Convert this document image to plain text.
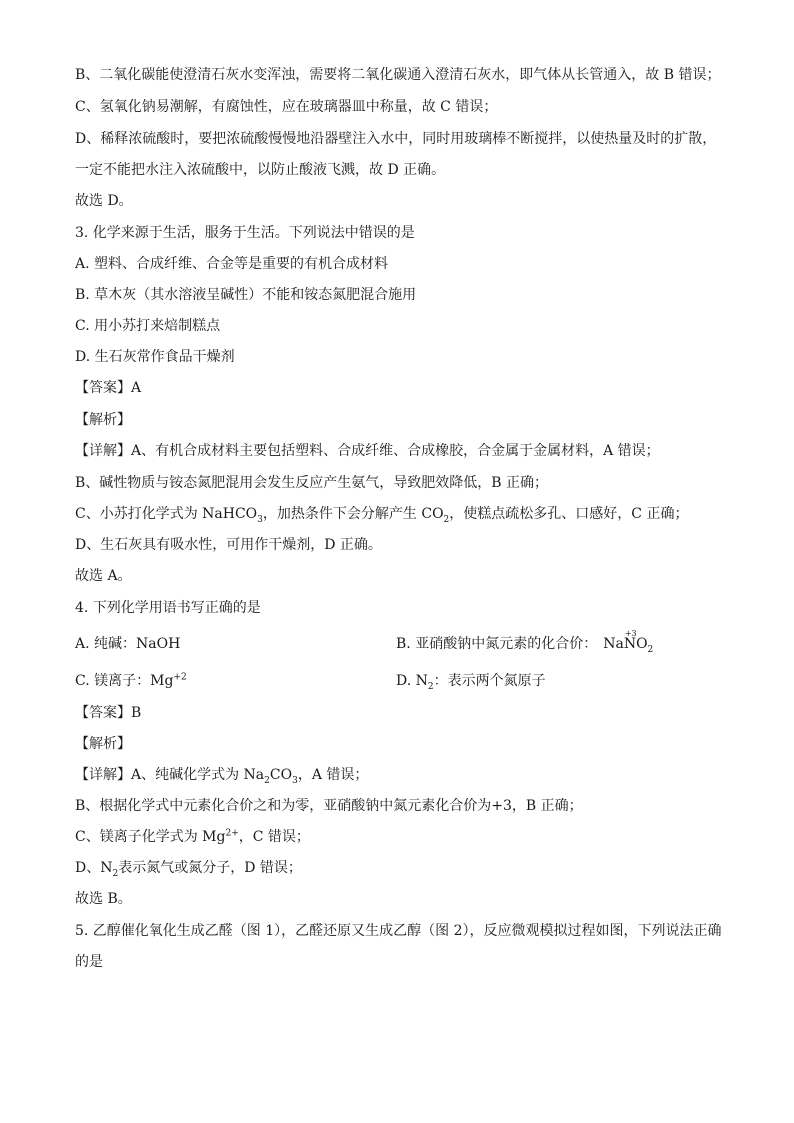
B、二氧化碳能使澄清石灰水变浑浊，需要将二氧化碳通入澄清石灰水，即气体从长管通入，故 B 错误；
C、氢氧化钠易潮解，有腐蚀性，应在玻璃器皿中称量，故 C 错误；
D、稀释浓硫酸时，要把浓硫酸慢慢地沿器壁注入水中，同时用玻璃棒不断搅拌，以使热量及时的扩散，
一定不能把水注入浓硫酸中，以防止酸液飞溅，故 D 正确。
故选 D。
3. 化学来源于生活，服务于生活。下列说法中错误的是
A. 塑料、合成纤维、合金等是重要的有机合成材料
B. 草木灰（其水溶液呈碱性）不能和铵态氮肥混合施用
C. 用小苏打来焙制糕点
D. 生石灰常作食品干燥剂
【答案】A
【解析】
【详解】A、有机合成材料主要包括塑料、合成纤维、合成橡胶，合金属于金属材料，A 错误；
B、碱性物质与铵态氮肥混用会发生反应产生氨气，导致肥效降低，B 正确；
C、小苏打化学式为 NaHCO$_3$，加热条件下会分解产生 $CO_2$，使糕点疏松多孔、口感好，C 正确；
D、生石灰具有吸水性，可用作干燥剂，D 正确。
故选 A。
4. 下列化学用语书写正确的是
A. 纯碱：NaOH	B. 亚硝酸钠中氮元素的化合价： Na
+3
$NO_2$
C. 镁离子：$Mg^{+2}$	D. $N_2$：表示两个氮原子
【答案】B
【解析】
【详解】A、纯碱化学式为 $Na_2CO_3$，A 错误；
B、根据化学式中元素化合价之和为零，亚硝酸钠中氮元素化合价为+3，B 正确；
C、镁离子化学式为 $Mg^{2+}$，C 错误；
D、$N_2$表示氮气或氮分子，D 错误；
故选 B。
5. 乙醇催化氧化生成乙醛（图 1），乙醛还原又生成乙醇（图 2），反应微观模拟过程如图，下列说法正确
的是
